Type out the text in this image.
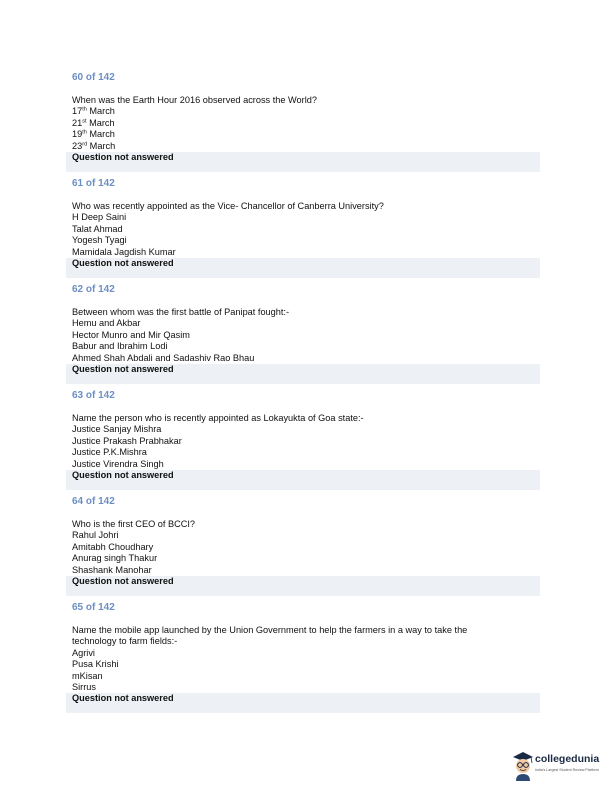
60 of 142
When was the Earth Hour 2016 observed across the World?
17th March
21st March
19th March
23rd March
Question not answered
61 of 142
Who was recently appointed as the Vice- Chancellor of Canberra University?
H Deep Saini
Talat Ahmad
Yogesh Tyagi
Mamidala Jagdish Kumar
Question not answered
62 of 142
Between whom was the first battle of Panipat fought:-
Hemu and Akbar
Hector Munro and Mir Qasim
Babur and Ibrahim Lodi
Ahmed Shah Abdali and Sadashiv Rao Bhau
Question not answered
63 of 142
Name the person who is recently appointed as Lokayukta of Goa state:-
Justice Sanjay Mishra
Justice Prakash Prabhakar
Justice P.K.Mishra
Justice Virendra Singh
Question not answered
64 of 142
Who is the first CEO of BCCI?
Rahul Johri
Amitabh Choudhary
Anurag singh Thakur
Shashank Manohar
Question not answered
65 of 142
Name the mobile app launched by the Union Government to help the farmers in a way to take the technology to farm fields:-
Agrivi
Pusa Krishi
mKisan
Sirrus
Question not answered
collegedunia
India's Largest Student Review Platform
